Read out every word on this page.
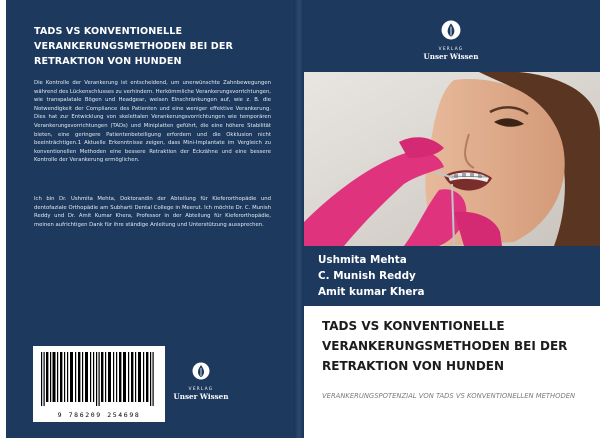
TADS VS KONVENTIONELLE VERANKERUNGSMETHODEN BEI DER RETRAKTION VON HUNDEN
Die Kontrolle der Verankerung ist entscheidend, um unerwünschte Zahnbewegungen während des Lückenschlusses zu verhindern. Herkömmliche Verankerungsvorrichtungen, wie transpalatale Bögen und Headgear, weisen Einschränkungen auf, wie z. B. die Notwendigkeit der Compliance des Patienten und eine weniger effektive Verankerung. Dies hat zur Entwicklung von skelettalen Verankerungsvorrichtungen wie temporären Verankerungsvorrichtungen (TADs) und Miniplatten geführt, die eine höhere Stabilität bieten, eine geringere Patientenbeteiligung erfordern und die Okklusion nicht beeinträchtigen.1 Aktuelle Erkenntnisse zeigen, dass Mini-Implantate im Vergleich zu konventionellen Methoden eine bessere Retraktion der Eckzähne und eine bessere Kontrolle der Verankerung ermöglichen.
Ich bin Dr. Ushmita Mehta, Doktorandin der Abteilung für Kieferorthopädie und dentofaziale Orthopädie am Subharti Dental College in Meerut. Ich möchte Dr. C. Munish Reddy und Dr. Amit Kumar Khera, Professor in der Abteilung für Kieferorthopädie, meinen aufrichtigen Dank für ihre ständige Anleitung und Unterstützung aussprechen.
9 786209 254698
VERLAG
Unser Wissen
VERLAG
Unser Wissen
Ushmita Mehta
C. Munish Reddy
Amit kumar Khera
TADS VS KONVENTIONELLE VERANKERUNGSMETHODEN BEI DER RETRAKTION VON HUNDEN
VERANKERUNGSPOTENZIAL VON TADS VS KONVENTIONELLEN METHODEN
